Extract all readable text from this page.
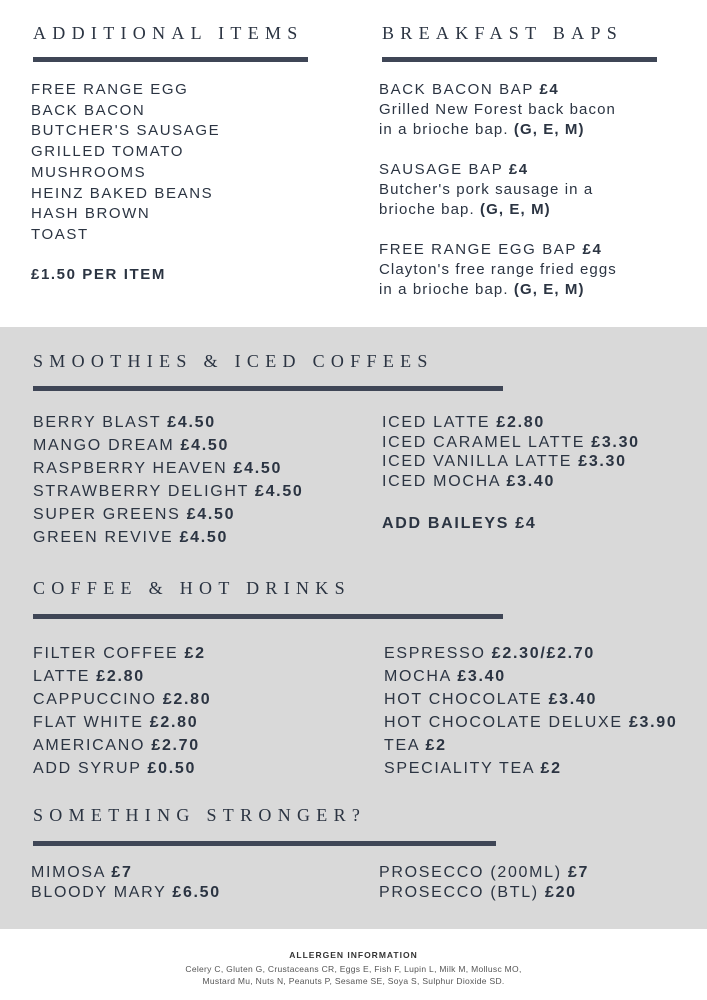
ADDITIONAL ITEMS
FREE RANGE EGG
BACK BACON
BUTCHER'S SAUSAGE
GRILLED TOMATO
MUSHROOMS
HEINZ BAKED BEANS
HASH BROWN
TOAST
£1.50 PER ITEM
BREAKFAST BAPS
BACK BACON BAP £4
Grilled New Forest back bacon
in a brioche bap. (G, E, M)
SAUSAGE BAP £4
Butcher's pork sausage in a
brioche bap. (G, E, M)
FREE RANGE EGG BAP £4
Clayton's free range fried eggs
in a brioche bap. (G, E, M)
SMOOTHIES & ICED COFFEES
BERRY BLAST £4.50
MANGO DREAM £4.50
RASPBERRY HEAVEN £4.50
STRAWBERRY DELIGHT £4.50
SUPER GREENS £4.50
GREEN REVIVE £4.50
ICED LATTE £2.80
ICED CARAMEL LATTE £3.30
ICED VANILLA LATTE £3.30
ICED MOCHA £3.40
ADD BAILEYS £4
COFFEE & HOT DRINKS
FILTER COFFEE £2
LATTE £2.80
CAPPUCCINO £2.80
FLAT WHITE £2.80
AMERICANO £2.70
ADD SYRUP £0.50
ESPRESSO £2.30/£2.70
MOCHA £3.40
HOT CHOCOLATE £3.40
HOT CHOCOLATE DELUXE £3.90
TEA £2
SPECIALITY TEA £2
SOMETHING STRONGER?
MIMOSA £7
BLOODY MARY £6.50
PROSECCO (200ML) £7
PROSECCO (BTL) £20
ALLERGEN INFORMATION
Celery C, Gluten G, Crustaceans CR, Eggs E, Fish F, Lupin L, Milk M, Mollusc MO,
Mustard Mu, Nuts N, Peanuts P, Sesame SE, Soya S, Sulphur Dioxide SD.
